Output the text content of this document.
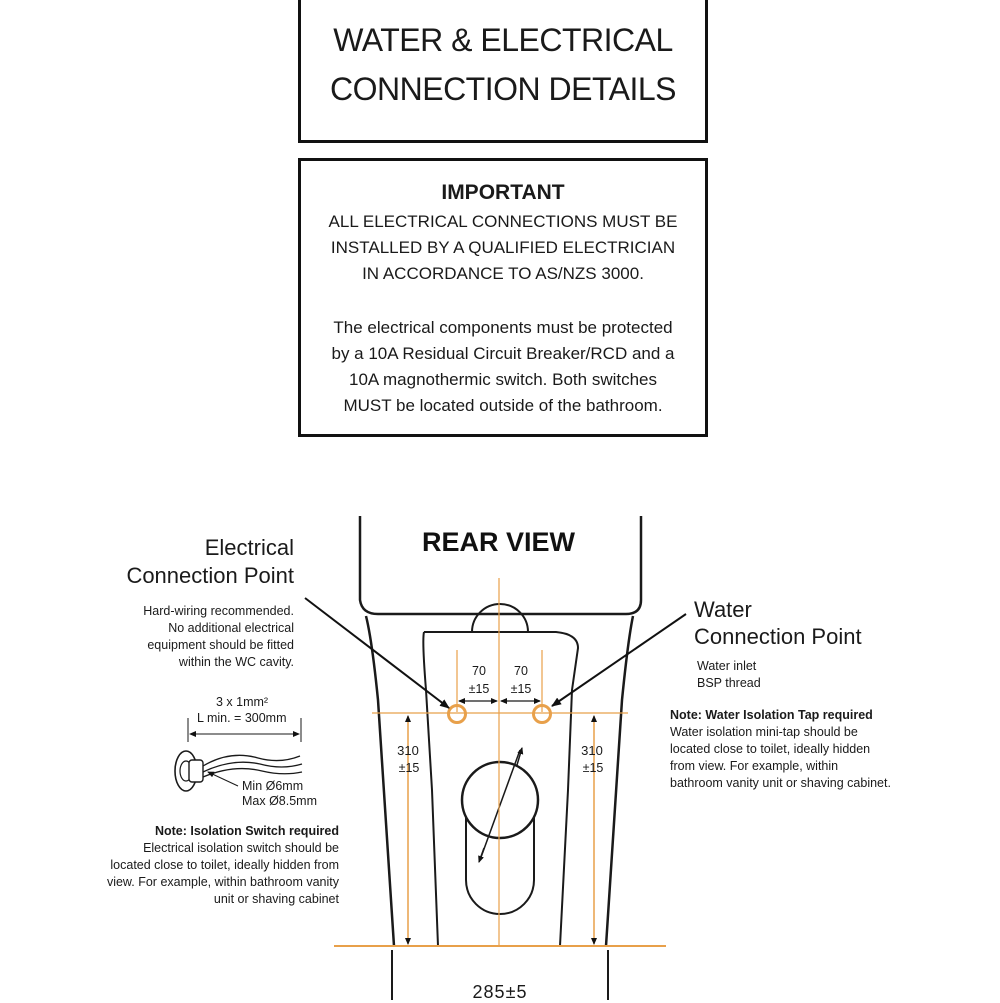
WATER & ELECTRICAL
CONNECTION DETAILS
IMPORTANT
ALL ELECTRICAL CONNECTIONS MUST BE
INSTALLED BY A QUALIFIED ELECTRICIAN
IN ACCORDANCE TO AS/NZS 3000.
The electrical components must be protected
by a 10A Residual Circuit Breaker/RCD and a
10A magnothermic switch. Both switches
MUST be located outside of the bathroom.
REAR VIEW
Electrical
Connection Point
Hard-wiring recommended.
No additional electrical
equipment should be fitted
within the WC cavity.
3 x 1mm²
L min. = 300mm
Min Ø6mm
Max Ø8.5mm
Note: Isolation Switch required
Electrical isolation switch should be
located close to toilet, ideally hidden from
view. For example, within bathroom vanity
unit or shaving cabinet
Water
Connection Point
Water inlet
BSP thread
Note: Water Isolation Tap required
Water isolation mini-tap should be
located close to toilet, ideally hidden
from view. For example, within
bathroom vanity unit or shaving cabinet.
70
±15
70
±15
310
±15
310
±15
285±5
